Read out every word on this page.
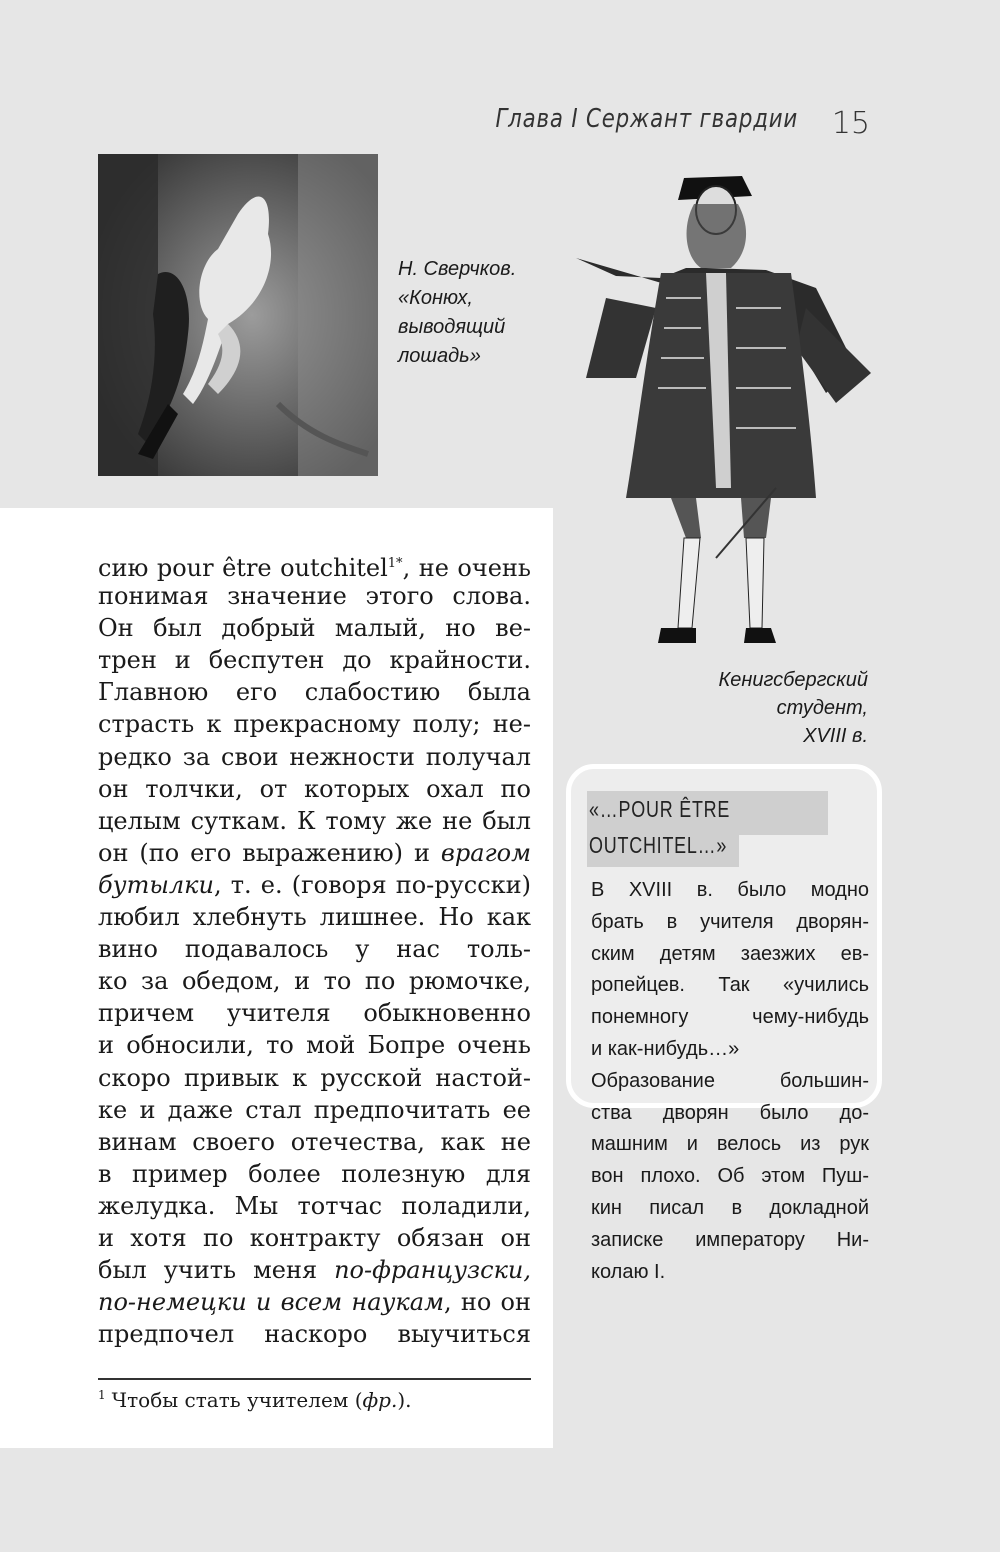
Глава I Сержант гвардии 15
Н. Сверчков.
«Конюх,
выводящий
лошадь»
Кенигсбергский
студент,
XVIII в.
сию pour être outchitel$^{1*}$, не очень
понимая значение этого слова.
Он был добрый малый, но ве-
трен и беспутен до крайности.
Главною его слабостию была
страсть к прекрасному полу; не-
редко за свои нежности получал
он толчки, от которых охал по
целым суткам. К тому же не был
он (по его выражению) и врагом
бутылки, т. е. (говоря по-русски)
любил хлебнуть лишнее. Но как
вино подавалось у нас толь-
ко за обедом, и то по рюмочке,
причем учителя обыкновенно
и обносили, то мой Бопре очень
скоро привык к русской настой-
ке и даже стал предпочитать ее
винам своего отечества, как не
в пример более полезную для
желудка. Мы тотчас поладили,
и хотя по контракту обязан он
был учить меня по-французски,
по-немецки и всем наукам, но он
предпочел наскоро выучиться
$^1$ Чтобы стать учителем (фр.).
«…POUR ÊTRE
OUTCHITEL…»
В XVIII в. было модно
брать в учителя дворян-
ским детям заезжих ев-
ропейцев. Так «учились
понемногу чему-нибудь
и как-нибудь…»
Образование большин-
ства дворян было до-
машним и велось из рук
вон плохо. Об этом Пуш-
кин писал в докладной
записке императору Ни-
колаю I.
